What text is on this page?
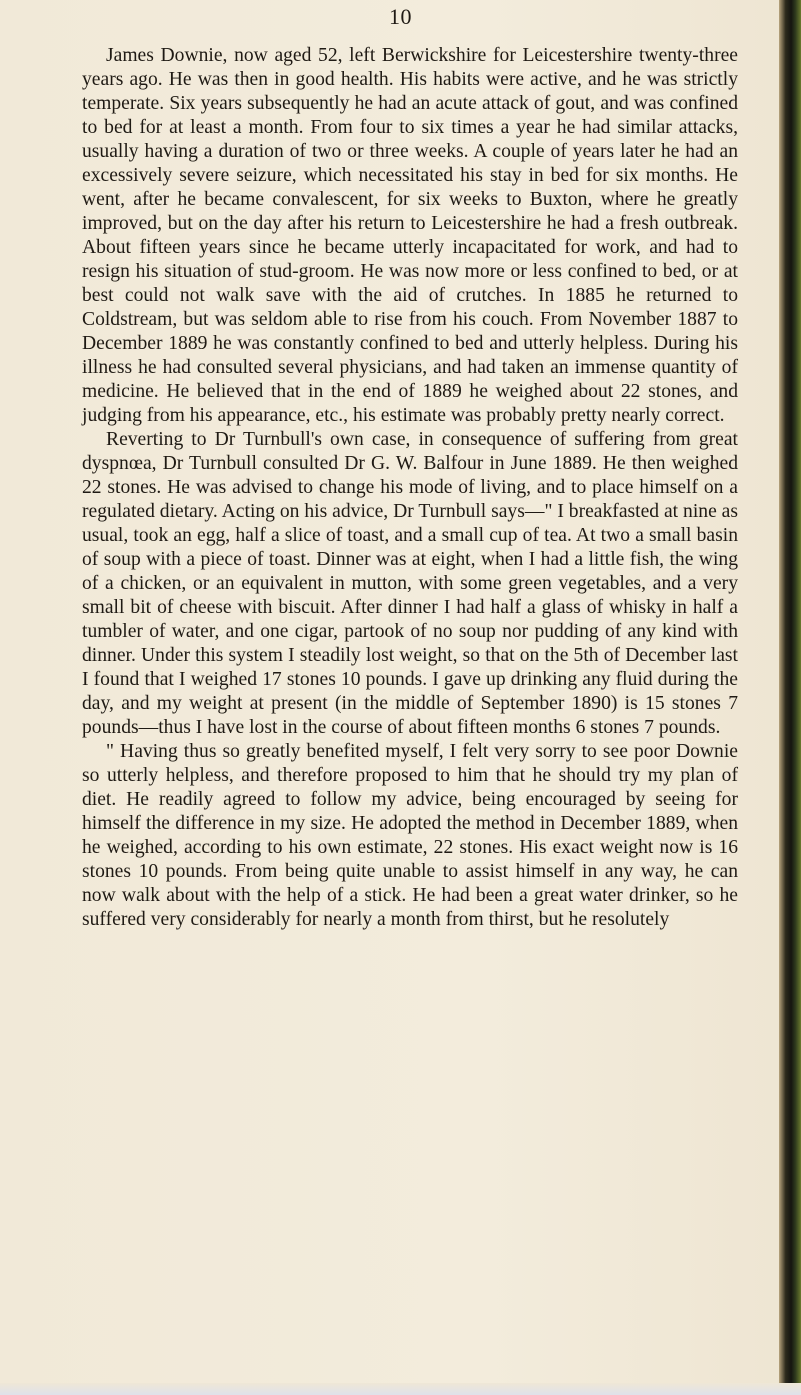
10

James Downie, now aged 52, left Berwickshire for Leicestershire twenty-three years ago. He was then in good health. His habits were active, and he was strictly temperate. Six years subsequently he had an acute attack of gout, and was confined to bed for at least a month. From four to six times a year he had similar attacks, usually having a duration of two or three weeks. A couple of years later he had an excessively severe seizure, which necessitated his stay in bed for six months. He went, after he became convalescent, for six weeks to Buxton, where he greatly improved, but on the day after his return to Leicestershire he had a fresh outbreak. About fifteen years since he became utterly incapacitated for work, and had to resign his situation of stud-groom. He was now more or less confined to bed, or at best could not walk save with the aid of crutches. In 1885 he returned to Coldstream, but was seldom able to rise from his couch. From November 1887 to December 1889 he was constantly confined to bed and utterly helpless. During his illness he had consulted several physicians, and had taken an immense quantity of medicine. He believed that in the end of 1889 he weighed about 22 stones, and judging from his appearance, etc., his estimate was probably pretty nearly correct.

Reverting to Dr Turnbull's own case, in consequence of suffering from great dyspnœa, Dr Turnbull consulted Dr G. W. Balfour in June 1889. He then weighed 22 stones. He was advised to change his mode of living, and to place himself on a regulated dietary. Acting on his advice, Dr Turnbull says—" I breakfasted at nine as usual, took an egg, half a slice of toast, and a small cup of tea. At two a small basin of soup with a piece of toast. Dinner was at eight, when I had a little fish, the wing of a chicken, or an equivalent in mutton, with some green vegetables, and a very small bit of cheese with biscuit. After dinner I had half a glass of whisky in half a tumbler of water, and one cigar, partook of no soup nor pudding of any kind with dinner. Under this system I steadily lost weight, so that on the 5th of December last I found that I weighed 17 stones 10 pounds. I gave up drinking any fluid during the day, and my weight at present (in the middle of September 1890) is 15 stones 7 pounds—thus I have lost in the course of about fifteen months 6 stones 7 pounds.

" Having thus so greatly benefited myself, I felt very sorry to see poor Downie so utterly helpless, and therefore proposed to him that he should try my plan of diet. He readily agreed to follow my advice, being encouraged by seeing for himself the difference in my size. He adopted the method in December 1889, when he weighed, according to his own estimate, 22 stones. His exact weight now is 16 stones 10 pounds. From being quite unable to assist himself in any way, he can now walk about with the help of a stick. He had been a great water drinker, so he suffered very considerably for nearly a month from thirst, but he resolutely
